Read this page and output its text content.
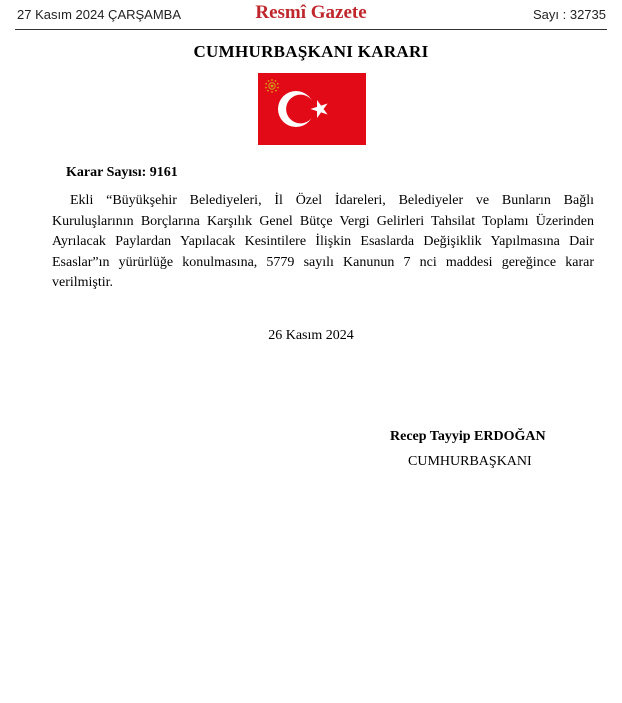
27 Kasım 2024 ÇARŞAMBA	Resmî Gazete	Sayı : 32735
CUMHURBAŞKANI KARARI
Karar Sayısı: 9161

Ekli “Büyükşehir Belediyeleri, İl Özel İdareleri, Belediyeler ve Bunların Bağlı Kuruluşlarının Borçlarına Karşılık Genel Bütçe Vergi Gelirleri Tahsilat Toplamı Üzerinden Ayrılacak Paylardan Yapılacak Kesintilere İlişkin Esaslarda Değişiklik Yapılmasına Dair Esaslar”ın yürürlüğe konulmasına, 5779 sayılı Kanunun 7 nci maddesi gereğince karar verilmiştir.

26 Kasım 2024
Recep Tayyip ERDOĞAN
CUMHURBAŞKANI
